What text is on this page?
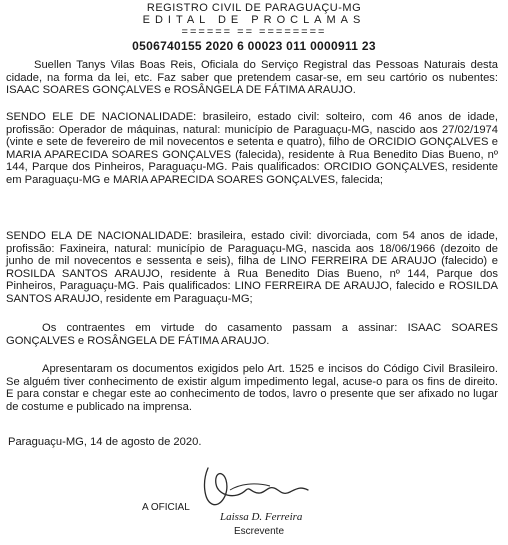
REGISTRO CIVIL DE PARAGUAÇU-MG
EDITAL DE PROCLAMAS
====== == ========
0506740155 2020 6 00023 011 0000911 23

Suellen Tanys Vilas Boas Reis, Oficiala do Serviço Registral das Pessoas Naturais desta cidade, na forma da lei, etc. Faz saber que pretendem casar-se, em seu cartório os nubentes: ISAAC SOARES GONÇALVES e ROSÂNGELA DE FÁTIMA ARAUJO.

SENDO ELE DE NACIONALIDADE: brasileiro, estado civil: solteiro, com 46 anos de idade, profissão: Operador de máquinas, natural: município de Paraguaçu-MG, nascido aos 27/02/1974 (vinte e sete de fevereiro de mil novecentos e setenta e quatro), filho de ORCIDIO GONÇALVES e MARIA APARECIDA SOARES GONÇALVES (falecida), residente à Rua Benedito Dias Bueno, nº 144, Parque dos Pinheiros, Paraguaçu-MG. Pais qualificados: ORCIDIO GONÇALVES, residente em Paraguaçu-MG e MARIA APARECIDA SOARES GONÇALVES, falecida;

SENDO ELA DE NACIONALIDADE: brasileira, estado civil: divorciada, com 54 anos de idade, profissão: Faxineira, natural: município de Paraguaçu-MG, nascida aos 18/06/1966 (dezoito de junho de mil novecentos e sessenta e seis), filha de LINO FERREIRA DE ARAUJO (falecido) e ROSILDA SANTOS ARAUJO, residente à Rua Benedito Dias Bueno, nº 144, Parque dos Pinheiros, Paraguaçu-MG. Pais qualificados: LINO FERREIRA DE ARAUJO, falecido e ROSILDA SANTOS ARAUJO, residente em Paraguaçu-MG;

Os contraentes em virtude do casamento passam a assinar: ISAAC SOARES GONÇALVES e ROSÂNGELA DE FÁTIMA ARAUJO.

Apresentaram os documentos exigidos pelo Art. 1525 e incisos do Código Civil Brasileiro. Se alguém tiver conhecimento de existir algum impedimento legal, acuse-o para os fins de direito. E para constar e chegar este ao conhecimento de todos, lavro o presente que ser afixado no lugar de costume e publicado na imprensa.

Paraguaçu-MG, 14 de agosto de 2020.
A OFICIAL
Laissa D. Ferreira
Escrevente
